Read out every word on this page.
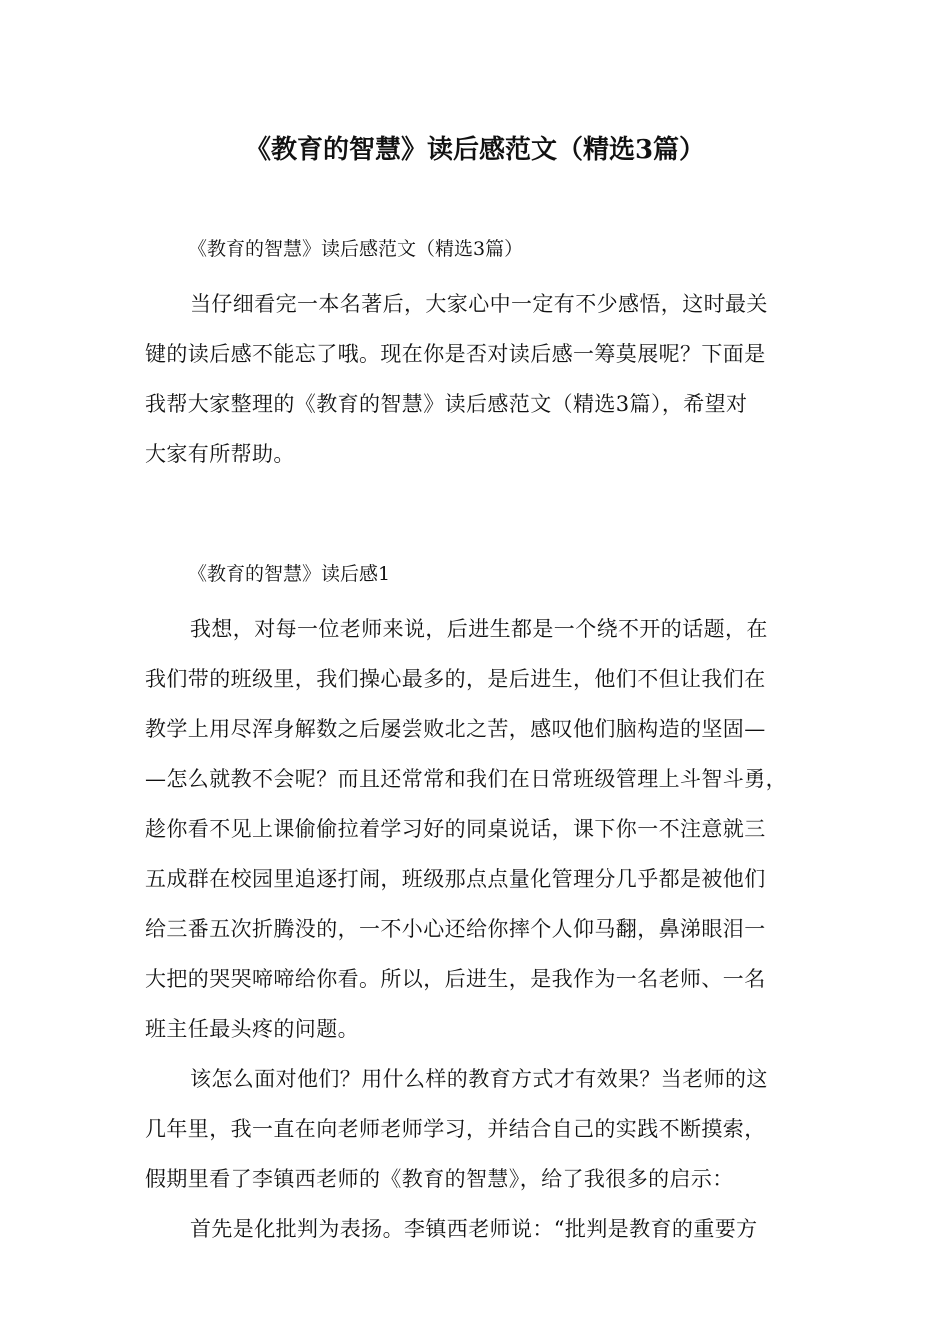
《教育的智慧》读后感范文（精选3篇）
《教育的智慧》读后感范文（精选3篇）
当仔细看完一本名著后，大家心中一定有不少感悟，这时最关
键的读后感不能忘了哦。现在你是否对读后感一筹莫展呢？下面是
我帮大家整理的《教育的智慧》读后感范文（精选3篇），希望对
大家有所帮助。
《教育的智慧》读后感1
我想，对每一位老师来说，后进生都是一个绕不开的话题，在
我们带的班级里，我们操心最多的，是后进生，他们不但让我们在
教学上用尽浑身解数之后屡尝败北之苦，感叹他们脑构造的坚固—
—怎么就教不会呢？而且还常常和我们在日常班级管理上斗智斗勇，
趁你看不见上课偷偷拉着学习好的同桌说话，课下你一不注意就三
五成群在校园里追逐打闹，班级那点点量化管理分几乎都是被他们
给三番五次折腾没的，一不小心还给你摔个人仰马翻，鼻涕眼泪一
大把的哭哭啼啼给你看。所以，后进生，是我作为一名老师、一名
班主任最头疼的问题。
该怎么面对他们？用什么样的教育方式才有效果？当老师的这
几年里，我一直在向老师老师学习，并结合自己的实践不断摸索，
假期里看了李镇西老师的《教育的智慧》，给了我很多的启示：
首先是化批判为表扬。李镇西老师说：“批判是教育的重要方
